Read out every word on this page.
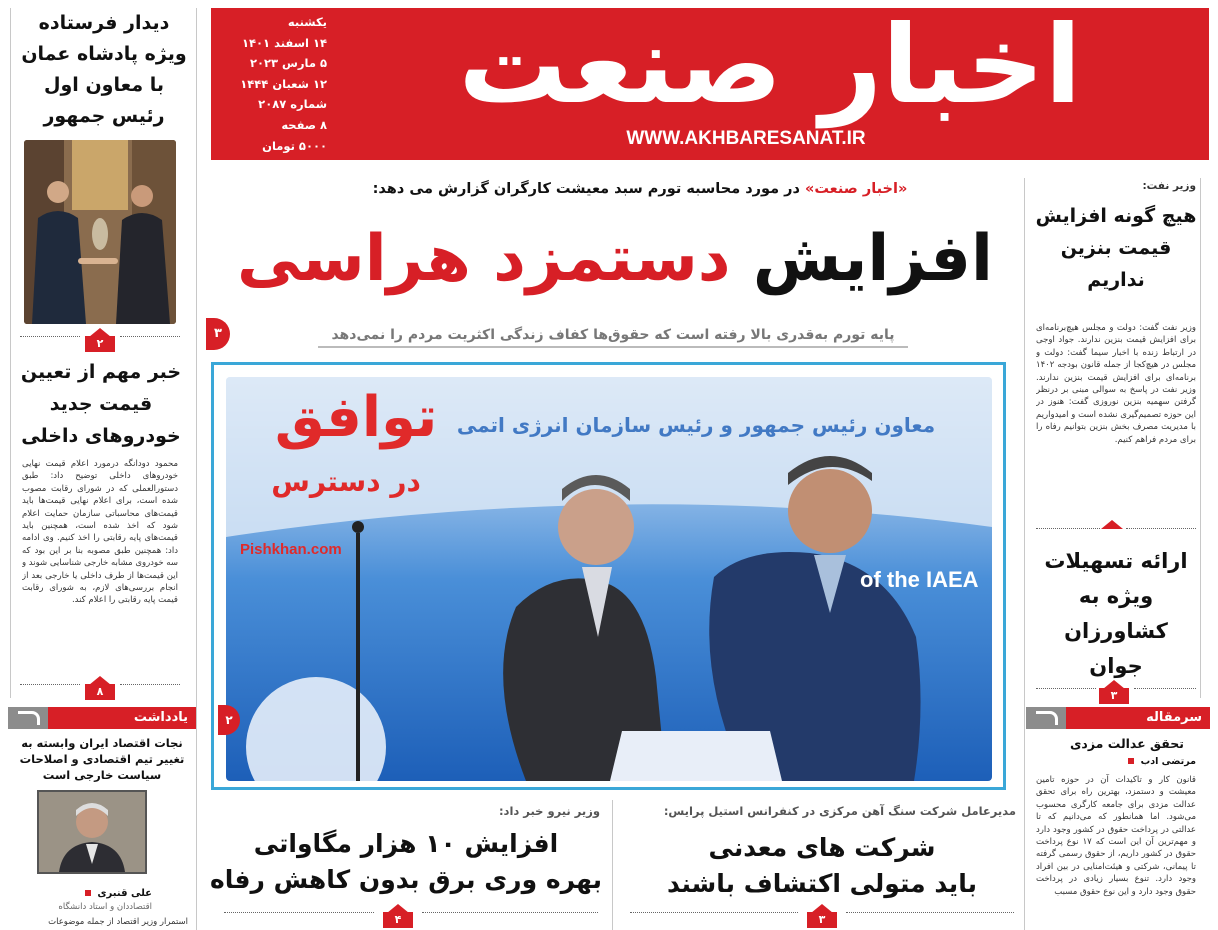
اخبار صنعت
WWW.AKHBARESANAT.IR
یکشنبه
۱۴ اسفند ۱۴۰۱
۵ مارس ۲۰۲۳
۱۲ شعبان ۱۴۴۴
شماره ۲۰۸۷
۸ صفحه
۵۰۰۰ تومان
دیدار فرستاده ویژه پادشاه عمان با معاون اول رئیس جمهور
۲
خبر مهم از تعیین قیمت جدید خودروهای داخلی
محمود دودانگه درمورد اعلام قیمت نهایی خودروهای داخلی توضیح داد: طبق دستورالعملی که در شورای رقابت مصوب شده است، برای اعلام نهایی قیمت‌ها باید قیمت‌های محاسباتی سازمان حمایت اعلام شود که اخذ شده است، همچنین باید قیمت‌های پایه رقابتی را اخذ کنیم. وی ادامه داد: همچنین طبق مصوبه بنا بر این بود که سه خودروی مشابه خارجی شناسایی شوند و این قیمت‌ها از طرف داخلی یا خارجی بعد از انجام بررسی‌های لازم، به شورای رقابت قیمت پایه رقابتی را اعلام کند.
۸
یادداشت
نجات اقتصاد ایران وابسته به تغییر تیم اقتصادی و اصلاحات سیاست خارجی است
علی قنبری
اقتصاددان و استاد دانشگاه
استمرار وزیر اقتصاد از جمله موضوعات
«اخبار صنعت» در مورد محاسبه تورم سبد معیشت کارگران گزارش می دهد:
افزایش دستمزد هراسی
پایه تورم به‌قدری بالا رفته است که حقوق‌ها کفاف زندگی اکثریت مردم را نمی‌دهد
۳
توافق
در دسترس
Pishkhan.com
معاون رئیس جمهور و رئیس سازمان انرژی اتمی
of the IAEA
۲
وزیر نیرو خبر داد:
افزایش ۱۰ هزار مگاواتی
بهره وری برق بدون کاهش رفاه
۴
مدیرعامل شرکت سنگ آهن مرکزی در کنفرانس استیل پرایس:
شرکت های معدنی
باید متولی اکتشاف باشند
۳
وزیر نفت:
هیچ گونه افزایش قیمت بنزین نداریم
وزیر نفت گفت: دولت و مجلس هیچ‌برنامه‌ای برای افزایش قیمت بنزین ندارند. جواد اوجی در ارتباط زنده با اخبار سیما گفت: دولت و مجلس در هیچ‌کجا از جمله قانون بودجه ۱۴۰۲ برنامه‌ای برای افزایش قیمت بنزین ندارند. وزیر نفت در پاسخ به سوالی مبنی بر درنظر گرفتن سهمیه بنزین نوروزی گفت: هنوز در این حوزه تصمیم‌گیری نشده است و امیدواریم با مدیریت مصرف بخش بنزین بتوانیم رفاه را برای مردم فراهم کنیم.
ارائه تسهیلات ویژه به کشاورزان جوان
۳
سرمقاله
تحقق عدالت مزدی
مرتضی ادب
قانون کار و تاکیدات آن در حوزه تامین معیشت و دستمزد، بهترین راه برای تحقق عدالت مزدی برای جامعه کارگری محسوب می‌شود. اما همانطور که می‌دانیم که تا عدالتی در پرداخت حقوق در کشور وجود دارد و مهم‌ترین آن این است که ۱۷ نوع پرداخت حقوق در کشور داریم، از حقوق رسمی گرفته تا پیمانی، شرکتی و هیئت‌امنایی در بین افراد وجود دارد. تنوع بسیار زیادی در پرداخت حقوق وجود دارد و این نوع حقوق مسبب
